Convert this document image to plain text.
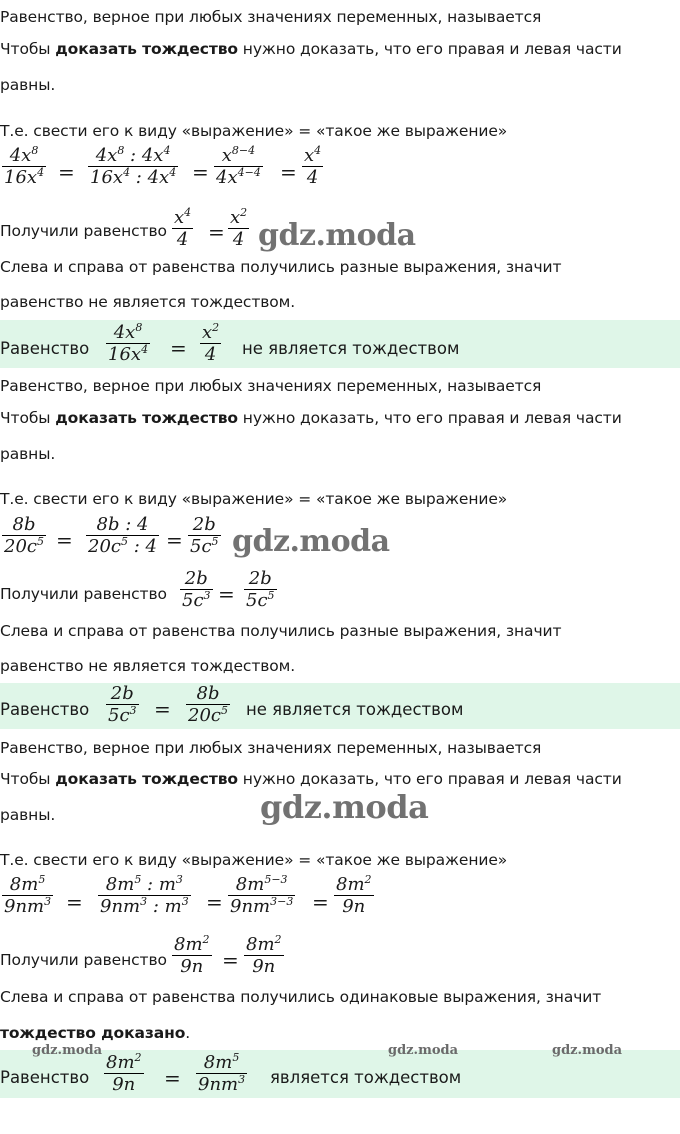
Равенство, верное при любых значениях переменных, называется
Чтобы доказать тождество нужно доказать, что его правая и левая части
равны.
Т.е. свести его к виду «выражение» = «такое же выражение»
$\frac{4x^8}{16x^4} = \frac{4x^8 : 4x^4}{16x^4 : 4x^4} = \frac{x^{8-4}}{4x^{4-4}} = \frac{x^4}{4}$
Получили равенство $\frac{x^4}{4} = \frac{x^2}{4}$ gdz.moda
Слева и справа от равенства получились разные выражения, значит
равенство не является тождеством.
Равенство $\frac{4x^8}{16x^4} = \frac{x^2}{4}$ не является тождеством
Равенство, верное при любых значениях переменных, называется
Чтобы доказать тождество нужно доказать, что его правая и левая части
равны.
Т.е. свести его к виду «выражение» = «такое же выражение»
$\frac{8b}{20c^5} = \frac{8b : 4}{20c^5 : 4} = \frac{2b}{5c^5}$ gdz.moda
Получили равенство $\frac{2b}{5c^3} = \frac{2b}{5c^5}$
Слева и справа от равенства получились разные выражения, значит
равенство не является тождеством.
Равенство $\frac{2b}{5c^3} = \frac{8b}{20c^5}$ не является тождеством
Равенство, верное при любых значениях переменных, называется
Чтобы доказать тождество нужно доказать, что его правая и левая части
равны.	gdz.moda
Т.е. свести его к виду «выражение» = «такое же выражение»
$\frac{8m^5}{9nm^3} = \frac{8m^5 : m^3}{9nm^3 : m^3} = \frac{8m^{5-3}}{9nm^{3-3}} = \frac{8m^2}{9n}$
Получили равенство $\frac{8m^2}{9n} = \frac{8m^2}{9n}$
Слева и справа от равенства получились одинаковые выражения, значит
тождество доказано.
gdz.moda	gdz.moda	gdz.moda
Равенство $\frac{8m^2}{9n} = \frac{8m^5}{9nm^3}$ является тождеством
